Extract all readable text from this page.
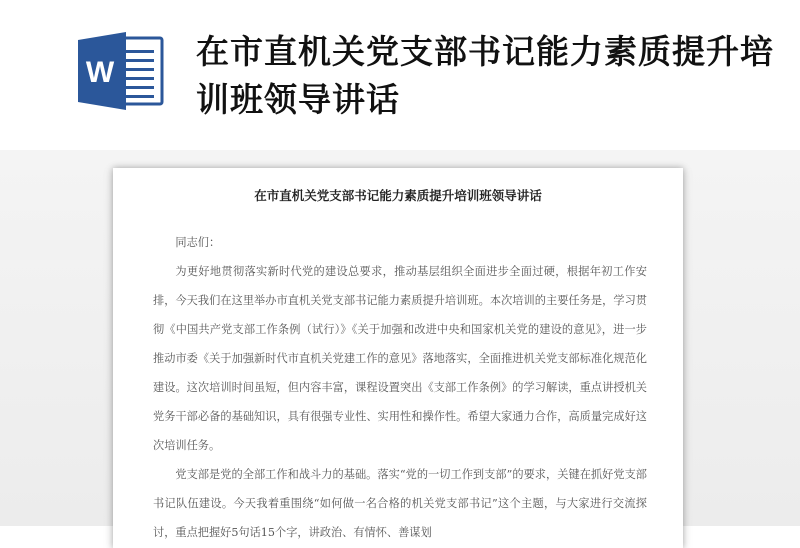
W
在市直机关党支部书记能力素质提升培训班领导讲话
在市直机关党支部书记能力素质提升培训班领导讲话

同志们：

为更好地贯彻落实新时代党的建设总要求，推动基层组织全面进步全面过硬，根据年初工作安排，今天我们在这里举办市直机关党支部书记能力素质提升培训班。本次培训的主要任务是，学习贯彻《中国共产党支部工作条例（试行）》《关于加强和改进中央和国家机关党的建设的意见》，进一步推动市委《关于加强新时代市直机关党建工作的意见》落地落实，全面推进机关党支部标准化规范化建设。这次培训时间虽短，但内容丰富，课程设置突出《支部工作条例》的学习解读，重点讲授机关党务干部必备的基础知识，具有很强专业性、实用性和操作性。希望大家通力合作，高质量完成好这次培训任务。

党支部是党的全部工作和战斗力的基础。落实“党的一切工作到支部”的要求，关键在抓好党支部书记队伍建设。今天我着重围绕“如何做一名合格的机关党支部书记”这个主题，与大家进行交流探讨，重点把握好5句话15个字，讲政治、有情怀、善谋划
